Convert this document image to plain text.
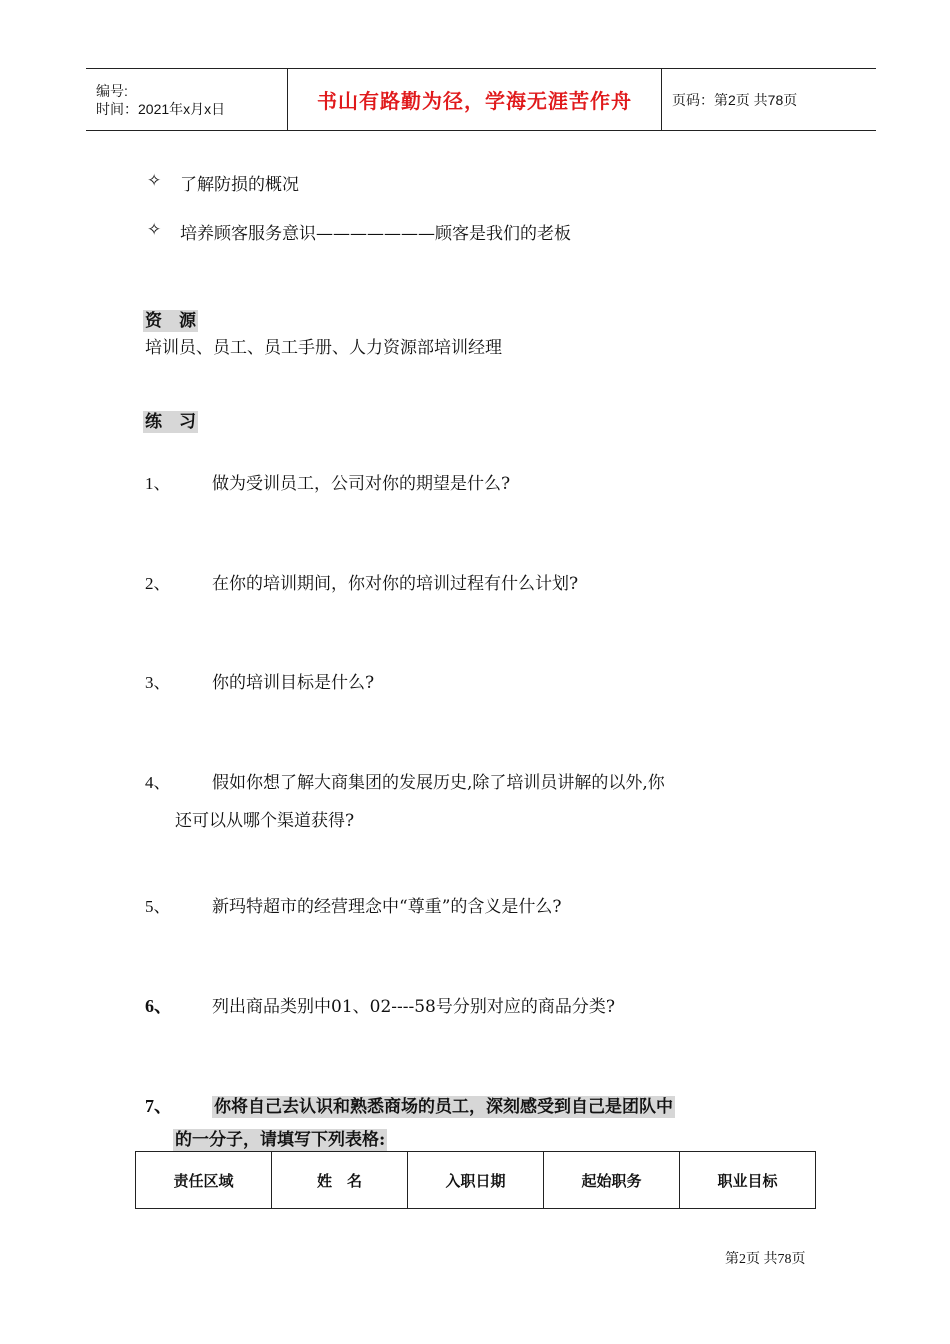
编号:
时间：2021年x月x日	书山有路勤为径，学海无涯苦作舟	页码：第2页 共78页
✧ 了解防损的概况
✧ 培养顾客服务意识———————顾客是我们的老板
资　源
培训员、员工、员工手册、人力资源部培训经理
练　习
1、 做为受训员工，公司对你的期望是什么?
2、 在你的培训期间，你对你的培训过程有什么计划?
3、 你的培训目标是什么?
4、 假如你想了解大商集团的发展历史,除了培训员讲解的以外,你
还可以从哪个渠道获得?
5、 新玛特超市的经营理念中“尊重”的含义是什么?
6、 列出商品类别中01、02----58号分别对应的商品分类?
7、 你将自己去认识和熟悉商场的员工，深刻感受到自己是团队中
的一分子，请填写下列表格:
责任区域	姓　名	入职日期	起始职务	职业目标
第2页 共78页
